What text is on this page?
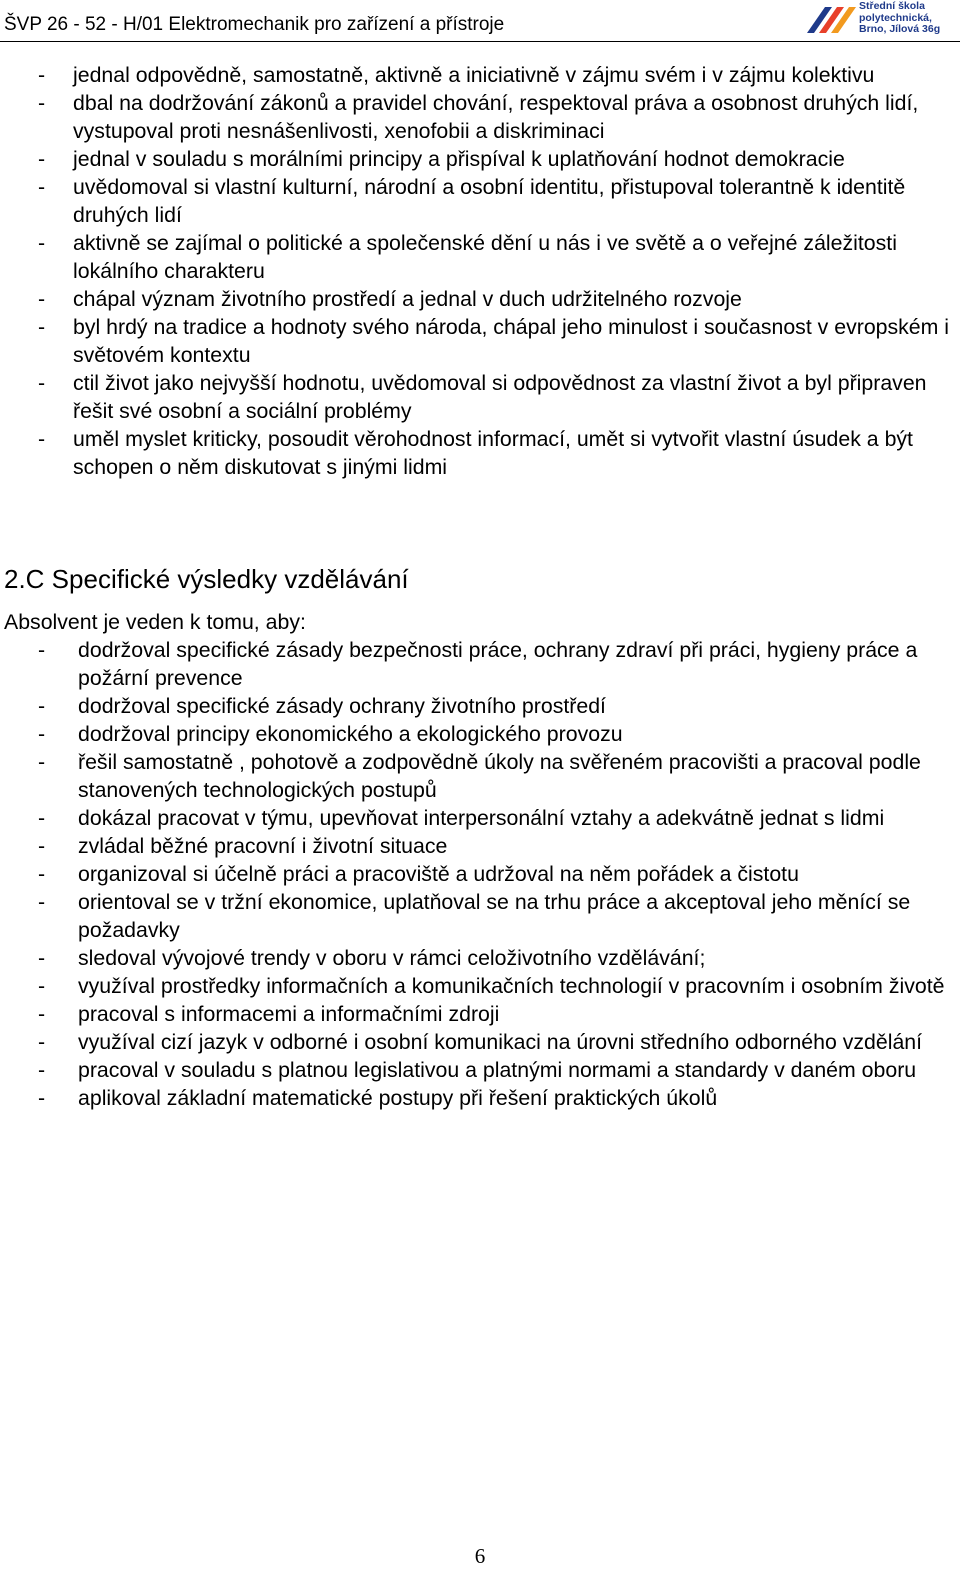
ŠVP 26 - 52 - H/01 Elektromechanik pro zařízení a přístroje
Střední škola
polytechnická,
Brno, Jílová 36g
- jednal odpovědně, samostatně, aktivně a iniciativně v zájmu svém i v zájmu kolektivu
- dbal na dodržování zákonů a pravidel chování, respektoval práva a osobnost druhých lidí, vystupoval proti nesnášenlivosti, xenofobii a diskriminaci
- jednal v souladu s morálními principy a přispíval k uplatňování hodnot demokracie
- uvědomoval si vlastní kulturní, národní a osobní identitu, přistupoval tolerantně k identitě druhých lidí
- aktivně se zajímal o politické a společenské dění u nás i ve světě a o veřejné záležitosti lokálního charakteru
- chápal význam životního prostředí a jednal v duch udržitelného rozvoje
- byl hrdý na tradice a hodnoty svého národa, chápal jeho minulost i současnost v evropském i světovém kontextu
- ctil život jako nejvyšší hodnotu, uvědomoval si odpovědnost za vlastní život a byl připraven řešit své osobní a sociální problémy
- uměl myslet kriticky, posoudit věrohodnost informací, umět si vytvořit vlastní úsudek a být schopen o něm diskutovat s jinými lidmi
2.C Specifické výsledky vzdělávání

Absolvent je veden k tomu, aby:

- dodržoval specifické zásady bezpečnosti práce, ochrany zdraví při práci, hygieny práce a požární prevence
- dodržoval specifické zásady ochrany životního prostředí
- dodržoval principy ekonomického a ekologického provozu
- řešil samostatně , pohotově a zodpovědně úkoly na svěřeném pracovišti a pracoval podle stanovených technologických postupů
- dokázal pracovat v týmu, upevňovat interpersonální vztahy a adekvátně jednat s lidmi
- zvládal běžné pracovní i životní situace
- organizoval si účelně práci a pracoviště a udržoval na něm pořádek a čistotu
- orientoval se v tržní ekonomice, uplatňoval se na trhu práce a akceptoval jeho měnící se požadavky
- sledoval vývojové trendy v oboru v rámci celoživotního vzdělávání;
- využíval prostředky informačních a komunikačních technologií v pracovním i osobním životě
- pracoval s informacemi a informačními zdroji
- využíval cizí jazyk v odborné i osobní komunikaci na úrovni středního odborného vzdělání
- pracoval v souladu s platnou legislativou a platnými normami a standardy v daném oboru
- aplikoval základní matematické postupy při řešení praktických úkolů
6
